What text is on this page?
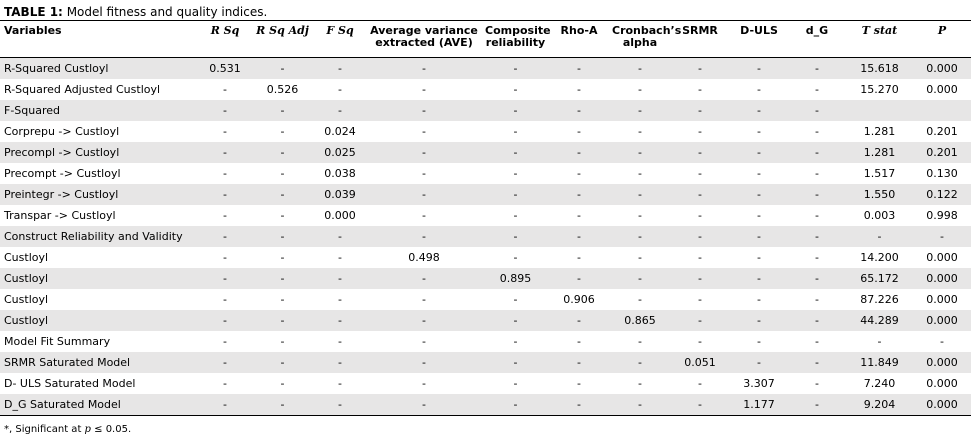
TABLE 1: Model fitness and quality indices.
Variables	R Sq	R Sq Adj	F Sq	Average variance extracted (AVE)	Composite reliability	Rho-A	Cronbach’s alpha	SRMR	D-ULS	d_G	T stat	P
R-Squared Custloyl	0.531	-	-	-	-	-	-	-	-	-	15.618	0.000
R-Squared Adjusted Custloyl	-	0.526	-	-	-	-	-	-	-	-	15.270	0.000
F-Squared	-	-	-	-	-	-	-	-	-	-		
Corprepu -> Custloyl	-	-	0.024	-	-	-	-	-	-	-	1.281	0.201
Precompl -> Custloyl	-	-	0.025	-	-	-	-	-	-	-	1.281	0.201
Precompt -> Custloyl	-	-	0.038	-	-	-	-	-	-	-	1.517	0.130
Preintegr -> Custloyl	-	-	0.039	-	-	-	-	-	-	-	1.550	0.122
Transpar -> Custloyl	-	-	0.000	-	-	-	-	-	-	-	0.003	0.998
Construct Reliability and Validity	-	-	-	-	-	-	-	-	-	-	-	-
Custloyl	-	-	-	0.498	-	-	-	-	-	-	14.200	0.000
Custloyl	-	-	-	-	0.895	-	-	-	-	-	65.172	0.000
Custloyl	-	-	-	-	-	0.906	-	-	-	-	87.226	0.000
Custloyl	-	-	-	-	-	-	0.865	-	-	-	44.289	0.000
Model Fit Summary	-	-	-	-	-	-	-	-	-	-	-	-
SRMR Saturated Model	-	-	-	-	-	-	-	0.051	-	-	11.849	0.000
D- ULS Saturated Model	-	-	-	-	-	-	-	-	3.307	-	7.240	0.000
D_G Saturated Model	-	-	-	-	-	-	-	-	1.177	-	9.204	0.000
*, Significant at p ≤ 0.05.
